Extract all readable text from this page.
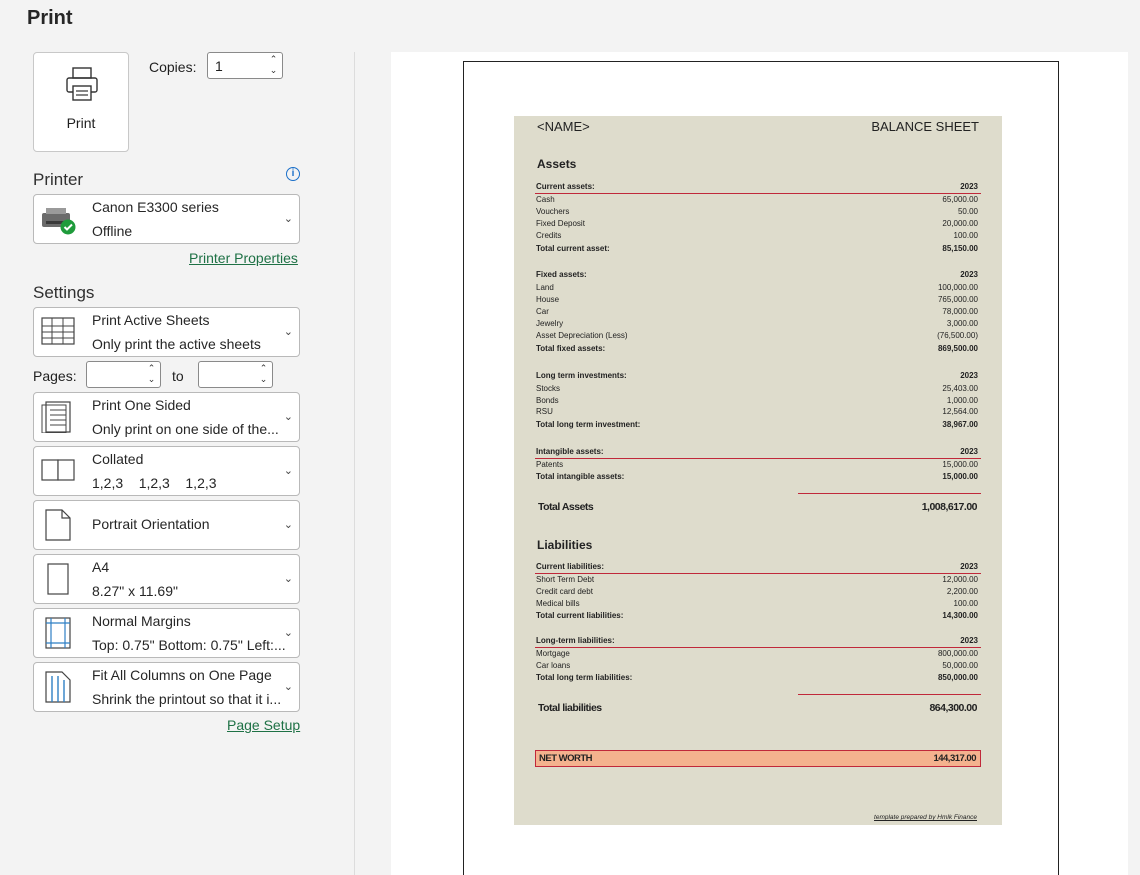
Print
Print
Copies: 1	⌃
⌄
Printer	i
Canon E3300 series
Offline
⌄
Printer Properties
Settings
Print Active Sheets
Only print the active sheets
⌄
Pages:	⌃
⌄ to	⌃
⌄
Print One Sided
Only print on one side of the...
⌄
Collated
1,2,3    1,2,3    1,2,3
⌄
Portrait Orientation	⌄
A4
8.27" x 11.69"
⌄
Normal Margins
Top: 0.75" Bottom: 0.75" Left:...
⌄
Fit All Columns on One Page
Shrink the printout so that it i...
⌄
Page Setup
<NAME>	BALANCE SHEET
Assets
Current assets:	2023
Cash	65,000.00
Vouchers	50.00
Fixed Deposit	20,000.00
Credits	100.00
Total current asset:	85,150.00
Fixed assets:	2023
Land	100,000.00
House	765,000.00
Car	78,000.00
Jewelry	3,000.00
Asset Depreciation (Less)	(76,500.00)
Total fixed assets:	869,500.00
Long term investments:	2023
Stocks	25,403.00
Bonds	1,000.00
RSU	12,564.00
Total long term investment:	38,967.00
Intangible assets:	2023
Patents	15,000.00
Total intangible assets:	15,000.00
Total Assets	1,008,617.00
Liabilities
Current liabilities:	2023
Short Term Debt	12,000.00
Credit card debt	2,200.00
Medical bills	100.00
Total current liabilities:	14,300.00
Long-term liabilities:	2023
Mortgage	800,000.00
Car loans	50,000.00
Total long term liabilities:	850,000.00
Total liabilities	864,300.00
NET WORTH	144,317.00
template prepared by Hmlk Finance
